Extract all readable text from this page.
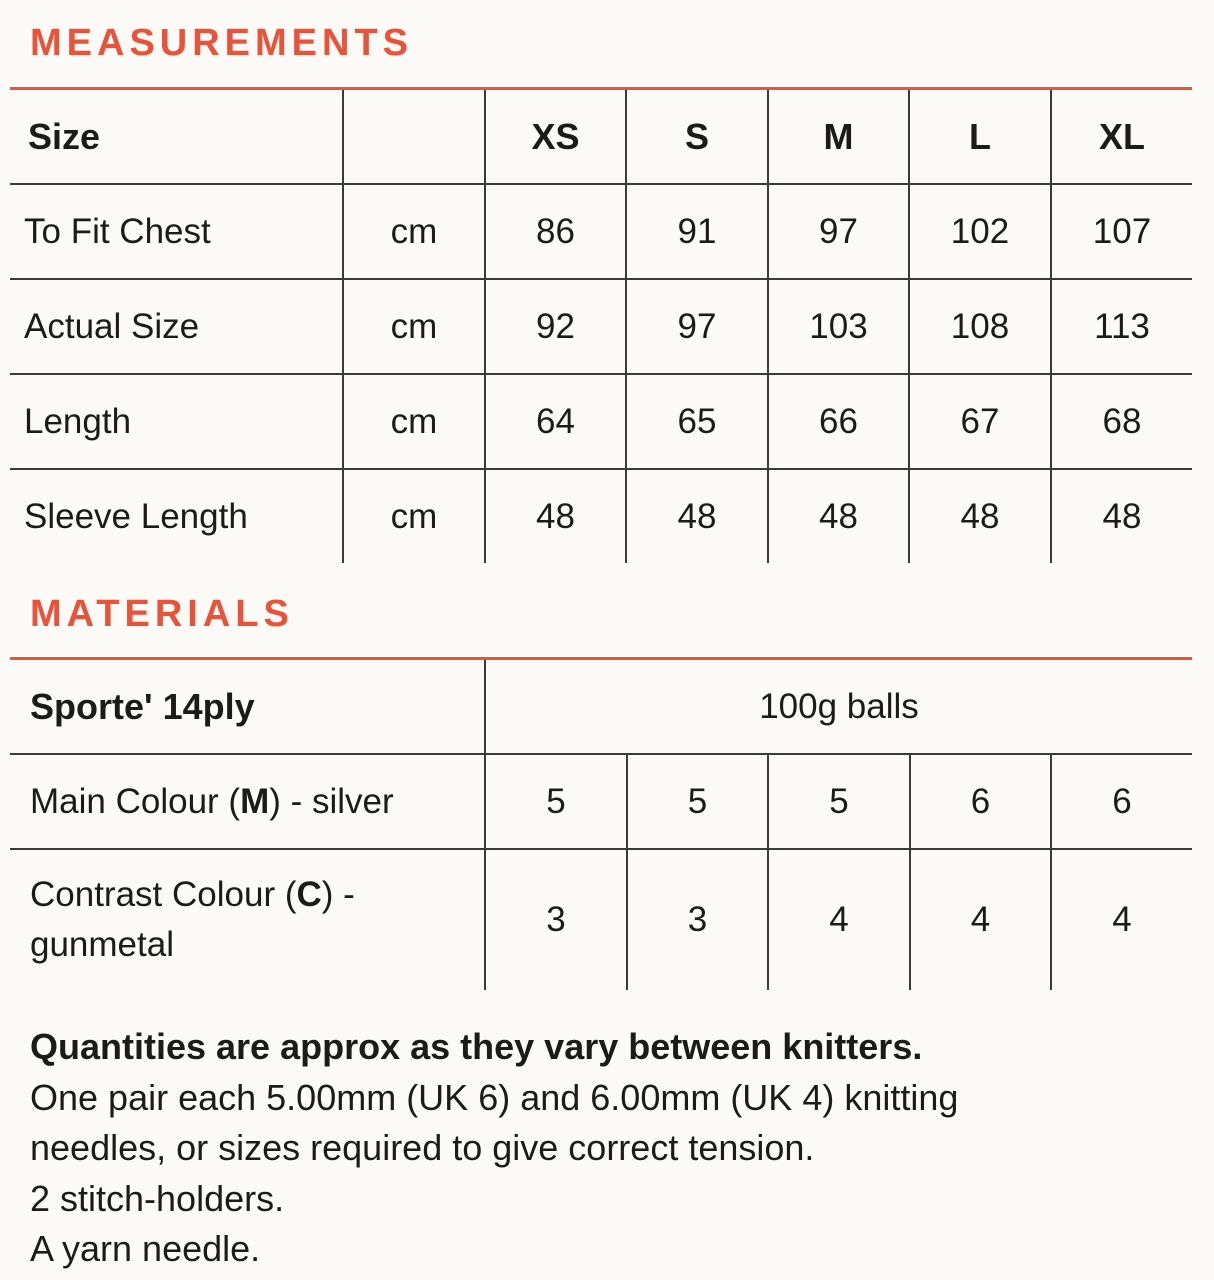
MEASUREMENTS
Size		XS	S	M	L	XL
To Fit Chest	cm	86	91	97	102	107
Actual Size	cm	92	97	103	108	113
Length	cm	64	65	66	67	68
Sleeve Length	cm	48	48	48	48	48
MATERIALS
Sporte' 14ply	100g balls				
Main Colour (M) - silver	5	5	5	6	6
Contrast Colour (C) -
gunmetal	3	3	4	4	4
Quantities are approx as they vary between knitters.
One pair each 5.00mm (UK 6) and 6.00mm (UK 4) knitting
needles, or sizes required to give correct tension.
2 stitch-holders.
A yarn needle.
